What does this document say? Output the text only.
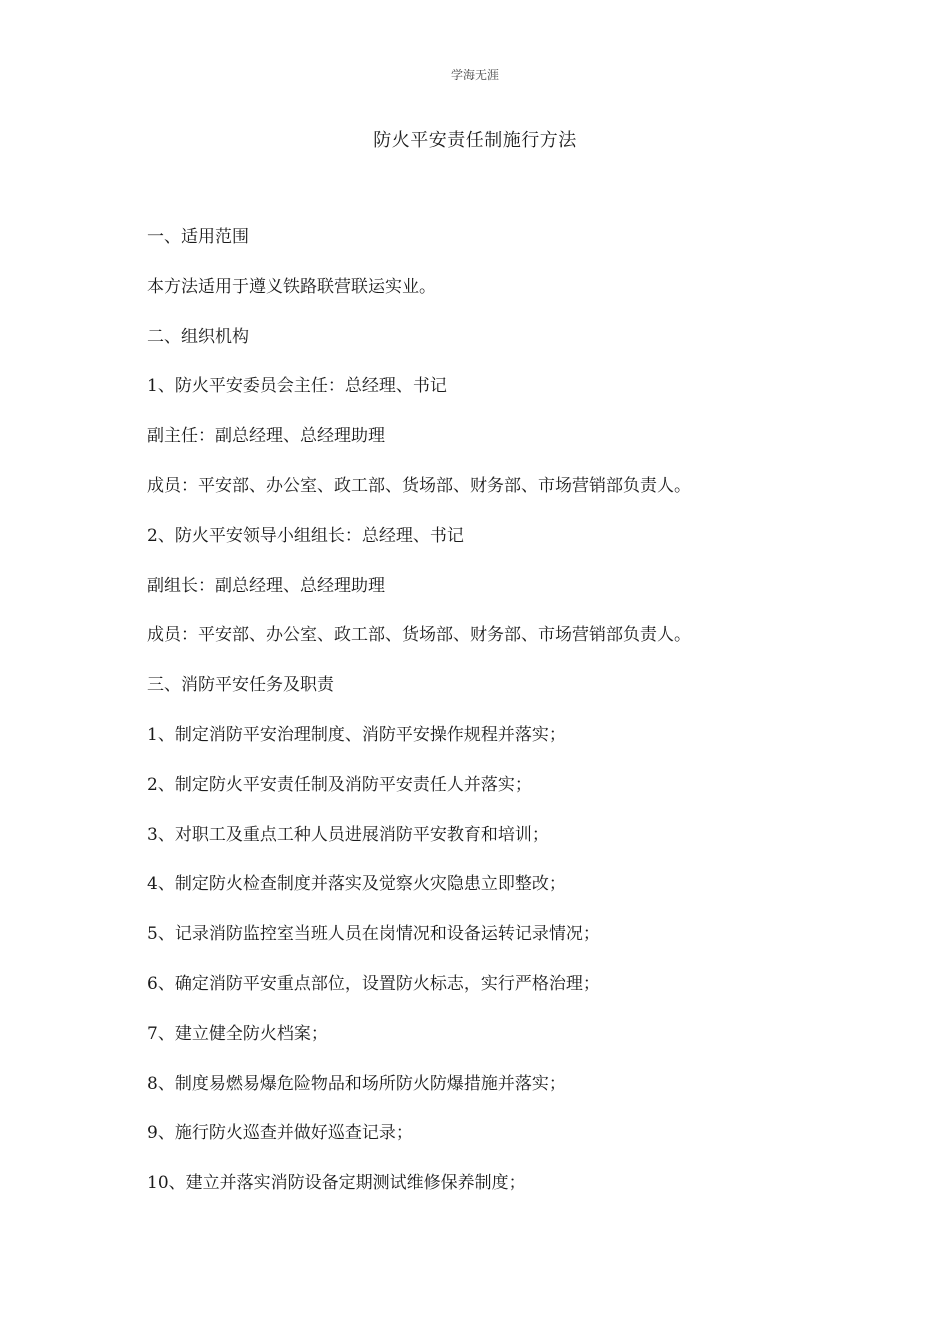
学海无涯
防火平安责任制施行方法
一、适用范围
本方法适用于遵义铁路联营联运实业。
二、组织机构
1、防火平安委员会主任：总经理、书记
副主任：副总经理、总经理助理
成员：平安部、办公室、政工部、货场部、财务部、市场营销部负责人。
2、防火平安领导小组组长：总经理、书记
副组长：副总经理、总经理助理
成员：平安部、办公室、政工部、货场部、财务部、市场营销部负责人。
三、消防平安任务及职责
1、制定消防平安治理制度、消防平安操作规程并落实；
2、制定防火平安责任制及消防平安责任人并落实；
3、对职工及重点工种人员进展消防平安教育和培训；
4、制定防火检查制度并落实及觉察火灾隐患立即整改；
5、记录消防监控室当班人员在岗情况和设备运转记录情况；
6、确定消防平安重点部位，设置防火标志，实行严格治理；
7、建立健全防火档案；
8、制度易燃易爆危险物品和场所防火防爆措施并落实；
9、施行防火巡查并做好巡查记录；
10、建立并落实消防设备定期测试维修保养制度；
